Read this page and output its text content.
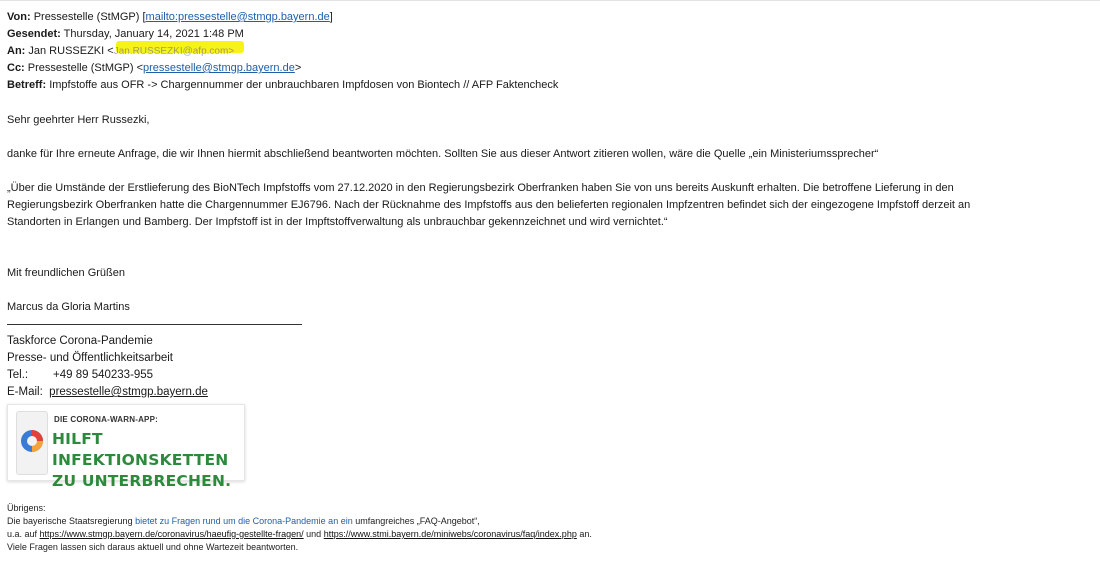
Von: Pressestelle (StMGP) [mailto:pressestelle@stmgp.bayern.de]
Gesendet: Thursday, January 14, 2021 1:48 PM
An: Jan RUSSEZKI <
Jan.RUSSEZKI@afp.com>
Cc: Pressestelle (StMGP) <pressestelle@stmgp.bayern.de>
Betreff: Impfstoffe aus OFR -> Chargennummer der unbrauchbaren Impfdosen von Biontech // AFP Faktencheck
Sehr geehrter Herr Russezki,
danke für Ihre erneute Anfrage, die wir Ihnen hiermit abschließend beantworten möchten. Sollten Sie aus dieser Antwort zitieren wollen, wäre die Quelle „ein Ministeriumssprecher“
„Über die Umstände der Erstlieferung des BioNTech Impfstoffs vom 27.12.2020 in den Regierungsbezirk Oberfranken haben Sie von uns bereits Auskunft erhalten. Die betroffene Lieferung in den
Regierungsbezirk Oberfranken hatte die Chargennummer EJ6796. Nach der Rücknahme des Impfstoffs aus den belieferten regionalen Impfzentren befindet sich der eingezogene Impfstoff derzeit an
Standorten in Erlangen und Bamberg. Der Impfstoff ist in der Impftstoffverwaltung als unbrauchbar gekennzeichnet und wird vernichtet.“
Mit freundlichen Grüßen
Marcus da Gloria Martins
Taskforce Corona-Pandemie
Presse- und Öffentlichkeitsarbeit
Tel.: +49 89 540233-955
E-Mail: pressestelle@stmgp.bayern.de
DIE CORONA-WARN-APP:
HILFT INFEKTIONSKETTEN
ZU UNTERBRECHEN.
Übrigens:
Die bayerische Staatsregierung bietet zu Fragen rund um die Corona-Pandemie an ein umfangreiches „FAQ-Angebot“,
u.a. auf https://www.stmgp.bayern.de/coronavirus/haeufig-gestellte-fragen/ und https://www.stmi.bayern.de/miniwebs/coronavirus/faq/index.php an.
Viele Fragen lassen sich daraus aktuell und ohne Wartezeit beantworten.
